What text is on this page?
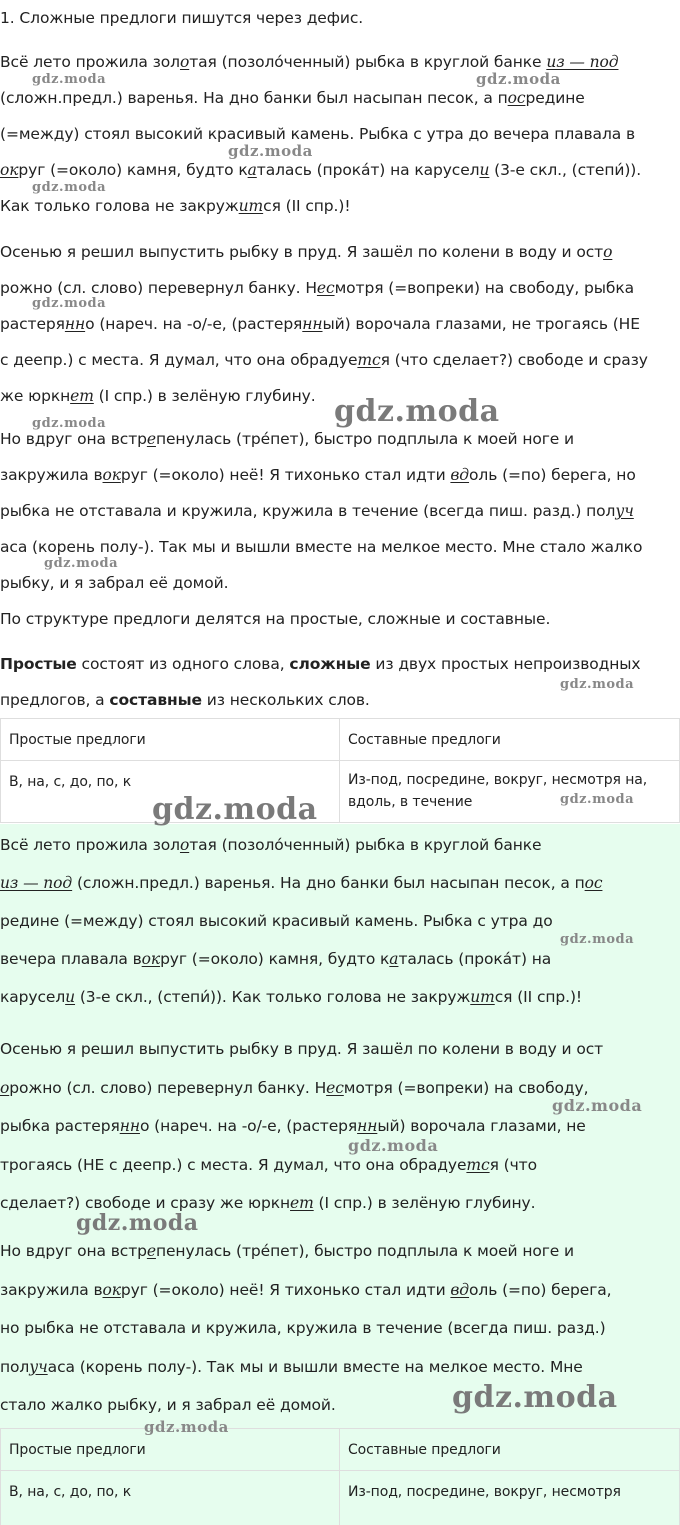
1. Сложные предлоги пишутся через дефис.

Всё лето прожила золотая (позолóченный) рыбка в круглой банке из — под
(сложн.предл.) варенья. На дно банки был насыпан песок, а посредине
(=между) стоял высокий красивый камень. Рыбка с утра до вечера плавала в
округ (=около) камня, будто каталась (прокáт) на карусели (3-е скл., (степи́)).
Как только голова не закружится (II спр.)!

Осенью я решил выпустить рыбку в пруд. Я зашёл по колени в воду и осто
рожно (сл. слово) перевернул банку. Несмотря (=вопреки) на свободу, рыбка
растерянно (нареч. на -о/-е, (растерянный) ворочала глазами, не трогаясь (НЕ
с деепр.) с места. Я думал, что она обрадуется (что сделает?) свободе и сразу
же юркнет (I спр.) в зелёную глубину.

Но вдруг она встрепенулась (трéпет), быстро подплыла к моей ноге и
закружила вокруг (=около) неё! Я тихонько стал идти вдоль (=по) берега, но
рыбка не отставала и кружила, кружила в течение (всегда пиш. разд.) получ
аса (корень полу-). Так мы и вышли вместе на мелкое место. Мне стало жалко
рыбку, и я забрал её домой.

По структуре предлоги делятся на простые, сложные и составные.

Простые состоят из одного слова, сложные из двух простых непроизводных
предлогов, а составные из нескольких слов.

Простые предлоги	Составные предлоги
В, на, с, до, по, к	Из-под, посредине, вокруг, несмотря на,
вдоль, в течение

Всё лето прожила золотая (позолóченный) рыбка в круглой банке
из — под (сложн.предл.) варенья. На дно банки был насыпан песок, а пос
редине (=между) стоял высокий красивый камень. Рыбка с утра до
вечера плавала вокруг (=около) камня, будто каталась (прокáт) на
карусели (3-е скл., (степи́)). Как только голова не закружится (II спр.)!

Осенью я решил выпустить рыбку в пруд. Я зашёл по колени в воду и ост
орожно (сл. слово) перевернул банку. Несмотря (=вопреки) на свободу,
рыбка растерянно (нареч. на -о/-е, (растерянный) ворочала глазами, не
трогаясь (НЕ с деепр.) с места. Я думал, что она обрадуется (что
сделает?) свободе и сразу же юркнет (I спр.) в зелёную глубину.

Но вдруг она встрепенулась (трéпет), быстро подплыла к моей ноге и
закружила вокруг (=около) неё! Я тихонько стал идти вдоль (=по) берега,
но рыбка не отставала и кружила, кружила в течение (всегда пиш. разд.)
получаса (корень полу-). Так мы и вышли вместе на мелкое место. Мне
стало жалко рыбку, и я забрал её домой.

Простые предлоги	Составные предлоги
В, на, с, до, по, к	Из-под, посредине, вокруг, несмотря
gdz.moda	gdz.moda
gdz.moda
gdz.moda
gdz.moda
gdz.moda
gdz.moda
gdz.moda
gdz.moda
gdz.moda	gdz.moda
gdz.moda
gdz.moda
gdz.moda
gdz.moda
gdz.moda
gdz.moda
